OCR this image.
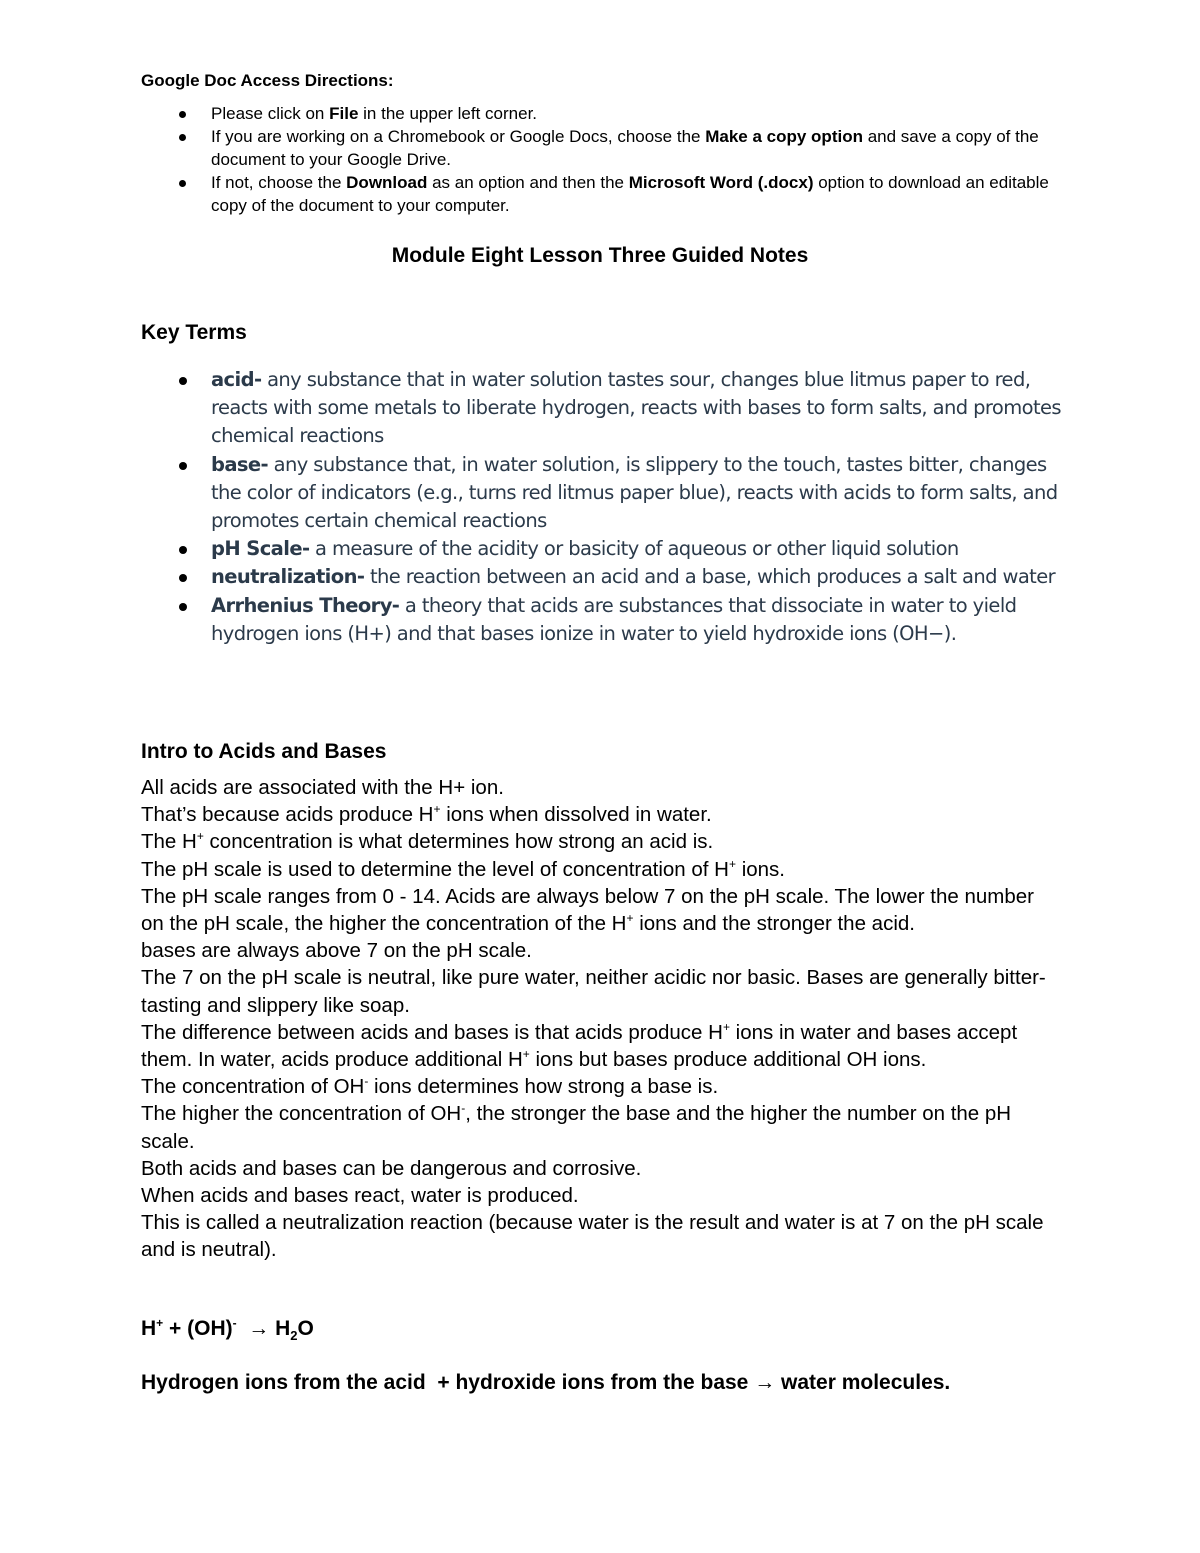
Google Doc Access Directions:

Please click on File in the upper left corner.
If you are working on a Chromebook or Google Docs, choose the Make a copy option and save a copy of the document to your Google Drive.
If not, choose the Download as an option and then the Microsoft Word (.docx) option to download an editable copy of the document to your computer.

Module Eight Lesson Three Guided Notes

Key Terms

acid- any substance that in water solution tastes sour, changes blue litmus paper to red, reacts with some metals to liberate hydrogen, reacts with bases to form salts, and promotes chemical reactions
base- any substance that, in water solution, is slippery to the touch, tastes bitter, changes the color of indicators (e.g., turns red litmus paper blue), reacts with acids to form salts, and promotes certain chemical reactions
pH Scale- a measure of the acidity or basicity of aqueous or other liquid solution
neutralization- the reaction between an acid and a base, which produces a salt and water
Arrhenius Theory- a theory that acids are substances that dissociate in water to yield hydrogen ions (H+) and that bases ionize in water to yield hydroxide ions (OH−).

Intro to Acids and Bases

All acids are associated with the H+ ion.

That’s because acids produce H+ ions when dissolved in water.

The H+ concentration is what determines how strong an acid is.

The pH scale is used to determine the level of concentration of H+ ions.

The pH scale ranges from 0 - 14. Acids are always below 7 on the pH scale. The lower the number on the pH scale, the higher the concentration of the H+ ions and the stronger the acid.

bases are always above 7 on the pH scale.

The 7 on the pH scale is neutral, like pure water, neither acidic nor basic. Bases are generally bitter-tasting and slippery like soap.

The difference between acids and bases is that acids produce H+ ions in water and bases accept them. In water, acids produce additional H+ ions but bases produce additional OH ions.

The concentration of OH- ions determines how strong a base is.

The higher the concentration of OH-, the stronger the base and the higher the number on the pH scale.

Both acids and bases can be dangerous and corrosive.

When acids and bases react, water is produced.

This is called a neutralization reaction (because water is the result and water is at 7 on the pH scale and is neutral).

$H^+ + (OH)^- \to H_2O$

Hydrogen ions from the acid  + hydroxide ions from the base → water molecules.
